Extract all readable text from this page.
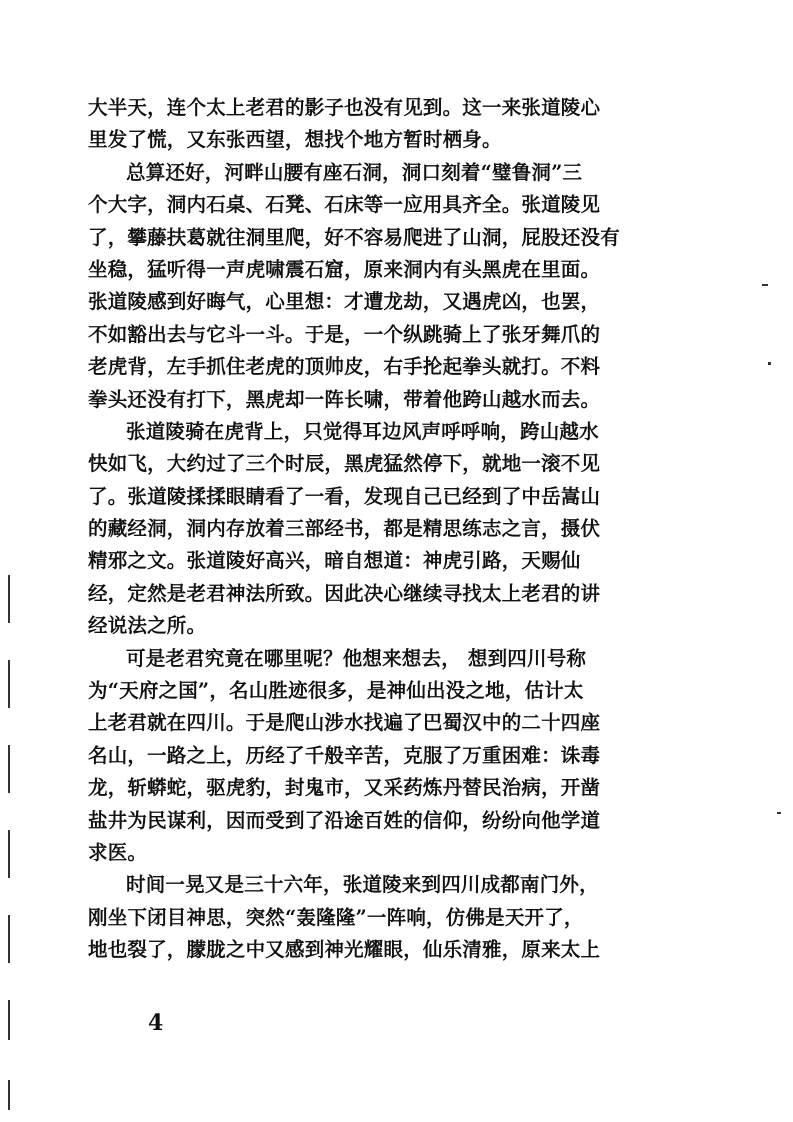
大半天，连个太上老君的影子也没有见到。这一来张道陵心
里发了慌，又东张西望，想找个地方暂时栖身。
总算还好，河畔山腰有座石洞，洞口刻着“璧鲁洞”三
个大字，洞内石桌、石凳、石床等一应用具齐全。张道陵见
了，攀藤扶葛就往洞里爬，好不容易爬进了山洞，屁股还没有
坐稳，猛听得一声虎啸震石窟，原来洞内有头黑虎在里面。
张道陵感到好晦气，心里想：才遭龙劫，又遇虎凶，也罢，
不如豁出去与它斗一斗。于是，一个纵跳骑上了张牙舞爪的
老虎背，左手抓住老虎的顶帅皮，右手抡起拳头就打。不料
拳头还没有打下，黑虎却一阵长啸，带着他跨山越水而去。
张道陵骑在虎背上，只觉得耳边风声呼呼响，跨山越水
快如飞，大约过了三个时辰，黑虎猛然停下，就地一滚不见
了。张道陵揉揉眼睛看了一看，发现自己已经到了中岳嵩山
的藏经洞，洞内存放着三部经书，都是精思练志之言，摄伏
精邪之文。张道陵好高兴，暗自想道：神虎引路，天赐仙
经，定然是老君神法所致。因此决心继续寻找太上老君的讲
经说法之所。
可是老君究竟在哪里呢？他想来想去， 想到四川号称
为“天府之国”，名山胜迹很多，是神仙出没之地，估计太
上老君就在四川。于是爬山涉水找遍了巴蜀汉中的二十四座
名山，一路之上，历经了千般辛苦，克服了万重困难：诛毒
龙，斩蟒蛇，驱虎豹，封鬼市，又采药炼丹替民治病，开凿
盐井为民谋利，因而受到了沿途百姓的信仰，纷纷向他学道
求医。
时间一晃又是三十六年，张道陵来到四川成都南门外，
刚坐下闭目神思，突然“轰隆隆”一阵响，仿佛是天开了，
地也裂了，朦胧之中又感到神光耀眼，仙乐清雅，原来太上
4
